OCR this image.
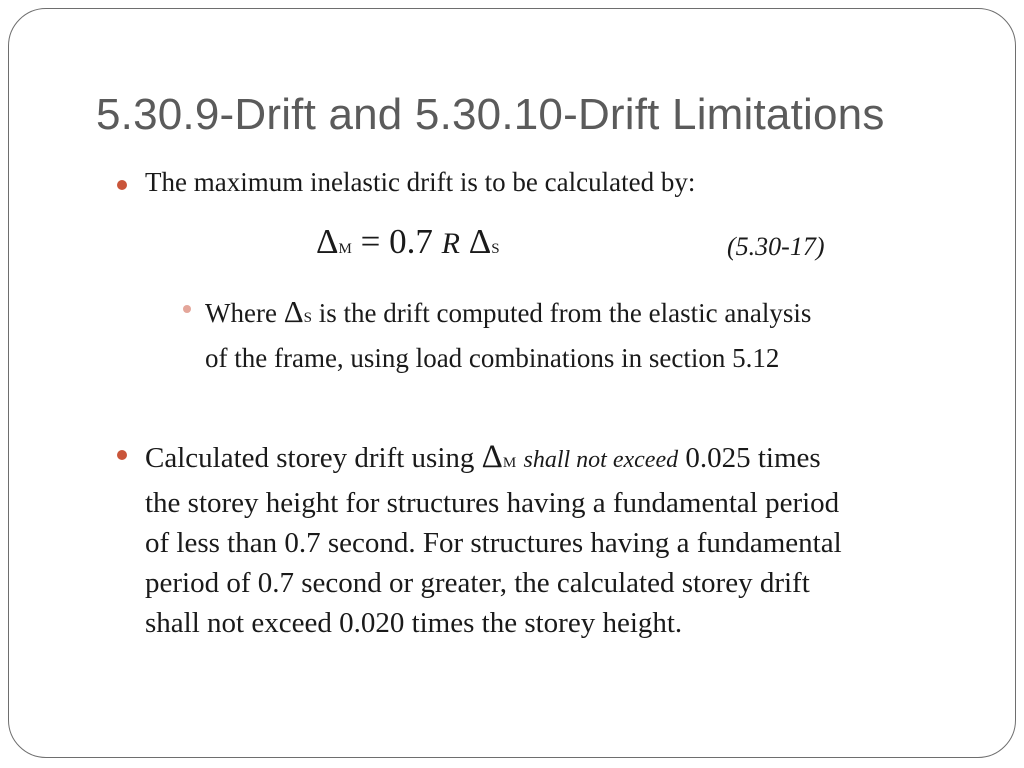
5.30.9-Drift and 5.30.10-Drift Limitations
The maximum inelastic drift is to be calculated by:
ΔM = 0.7 R ΔS	(5.30-17)
Where ΔS is the drift computed from the elastic analysis
of the frame, using load combinations in section 5.12
Calculated storey drift using ΔM shall not exceed 0.025 times
the storey height for structures having a fundamental period
of less than 0.7 second. For structures having a fundamental
period of 0.7 second or greater, the calculated storey drift
shall not exceed 0.020 times the storey height.
